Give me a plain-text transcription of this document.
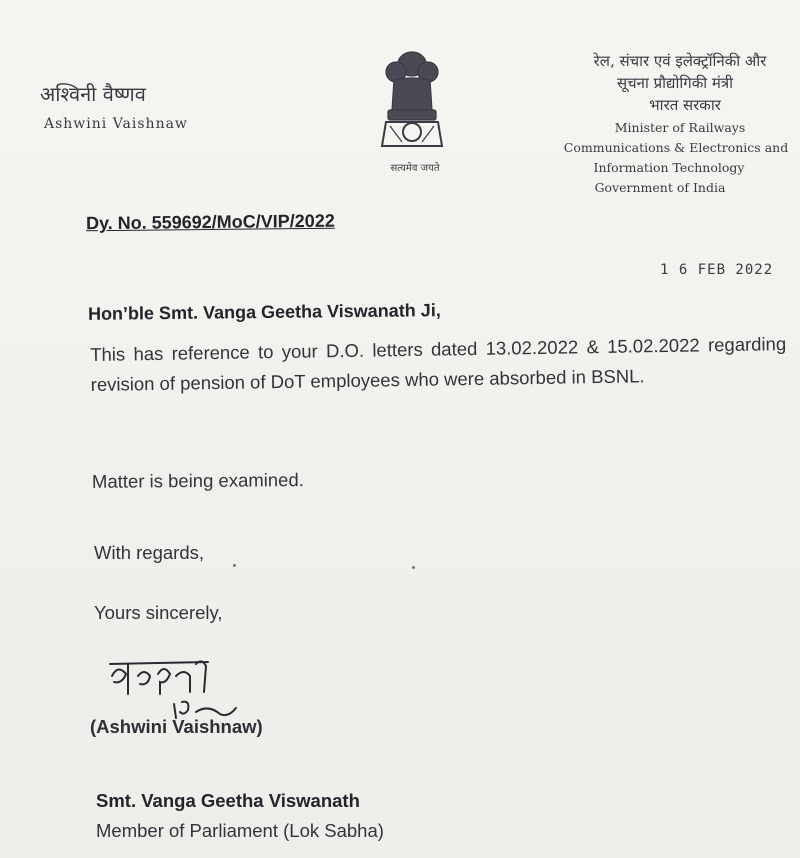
अश्विनी वैष्णव
Ashwini Vaishnaw
सत्यमेव जयते
रेल, संचार एवं इलेक्ट्रॉनिकी और
सूचना प्रौद्योगिकी मंत्री
भारत सरकार
Minister of Railways
Communications & Electronics and
Information Technology
Government of India
Dy. No. 559692/MoC/VIP/2022
1 6 FEB 2022
Hon’ble Smt. Vanga Geetha Viswanath Ji,
This has reference to your D.O. letters dated 13.02.2022 & 15.02.2022 regarding revision of pension of DoT employees who were absorbed in BSNL.
Matter is being examined.
With regards,
Yours sincerely,
(Ashwini Vaishnaw)
Smt. Vanga Geetha Viswanath
Member of Parliament (Lok Sabha)
